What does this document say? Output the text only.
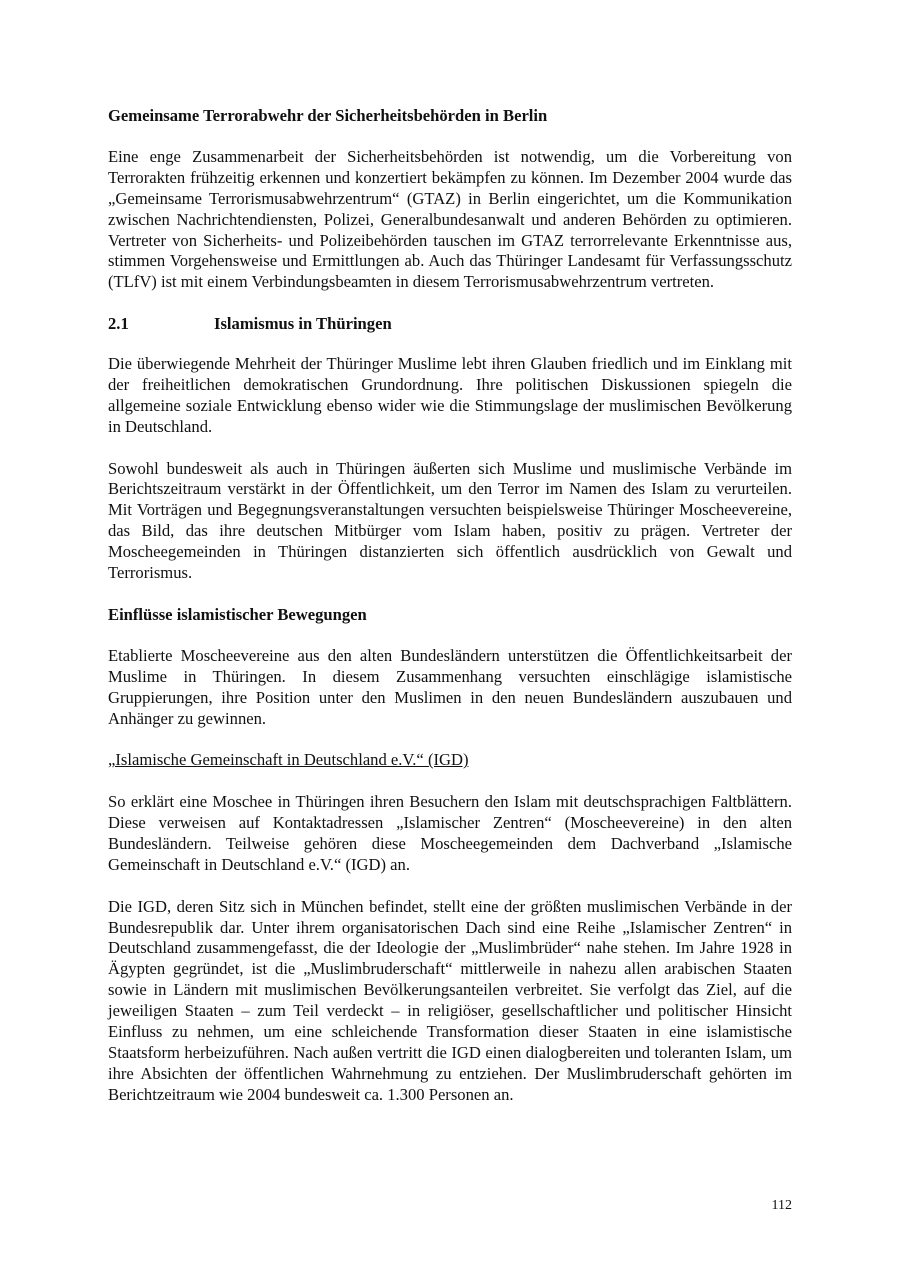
Gemeinsame Terrorabwehr der Sicherheitsbehörden in Berlin

Eine enge Zusammenarbeit der Sicherheitsbehörden ist notwendig, um die Vorbereitung von Terrorakten frühzeitig erkennen und konzertiert bekämpfen zu können. Im Dezember 2004 wurde das „Gemeinsame Terrorismusabwehrzentrum“ (GTAZ) in Berlin eingerichtet, um die Kommunikation zwischen Nachrichtendiensten, Polizei, Generalbundesanwalt und anderen Behörden zu optimieren. Vertreter von Sicherheits- und Polizeibehörden tauschen im GTAZ terrorrelevante Erkenntnisse aus, stimmen Vorgehensweise und Ermittlungen ab. Auch das Thüringer Landesamt für Verfassungsschutz (TLfV) ist mit einem Verbindungsbeamten in diesem Terrorismusabwehrzentrum vertreten.

2.1	Islamismus in Thüringen

Die überwiegende Mehrheit der Thüringer Muslime lebt ihren Glauben friedlich und im Einklang mit der freiheitlichen demokratischen Grundordnung. Ihre politischen Diskussionen spiegeln die allgemeine soziale Entwicklung ebenso wider wie die Stimmungslage der muslimischen Bevölkerung in Deutschland.

Sowohl bundesweit als auch in Thüringen äußerten sich Muslime und muslimische Verbände im Berichtszeitraum verstärkt in der Öffentlichkeit, um den Terror im Namen des Islam zu verurteilen. Mit Vorträgen und Begegnungsveranstaltungen versuchten beispielsweise Thüringer Moscheevereine, das Bild, das ihre deutschen Mitbürger vom Islam haben, positiv zu prägen. Vertreter der Moscheegemeinden in Thüringen distanzierten sich öffentlich ausdrücklich von Gewalt und Terrorismus.

Einflüsse islamistischer Bewegungen

Etablierte Moscheevereine aus den alten Bundesländern unterstützen die Öffentlichkeitsarbeit der Muslime in Thüringen. In diesem Zusammenhang versuchten einschlägige islamistische Gruppierungen, ihre Position unter den Muslimen in den neuen Bundesländern auszubauen und Anhänger zu gewinnen.

„Islamische Gemeinschaft in Deutschland e.V.“ (IGD)

So erklärt eine Moschee in Thüringen ihren Besuchern den Islam mit deutschsprachigen Faltblättern. Diese verweisen auf Kontaktadressen „Islamischer Zentren“ (Moscheevereine) in den alten Bundesländern. Teilweise gehören diese Moscheegemeinden dem Dachverband „Islamische Gemeinschaft in Deutschland e.V.“ (IGD) an.

Die IGD, deren Sitz sich in München befindet, stellt eine der größten muslimischen Verbände in der Bundesrepublik dar. Unter ihrem organisatorischen Dach sind eine Reihe „Islamischer Zentren“ in Deutschland zusammengefasst, die der Ideologie der „Muslimbrüder“ nahe stehen. Im Jahre 1928 in Ägypten gegründet, ist die „Muslimbruderschaft“ mittlerweile in nahezu allen arabischen Staaten sowie in Ländern mit muslimischen Bevölkerungsanteilen verbreitet. Sie verfolgt das Ziel, auf die jeweiligen Staaten – zum Teil verdeckt – in religiöser, gesellschaftlicher und politischer Hinsicht Einfluss zu nehmen, um eine schleichende Transformation dieser Staaten in eine islamistische Staatsform herbeizuführen. Nach außen vertritt die IGD einen dialogbereiten und toleranten Islam, um ihre Absichten der öffentlichen Wahrnehmung zu entziehen. Der Muslimbruderschaft gehörten im Berichtzeitraum wie 2004 bundesweit ca. 1.300 Personen an.

112
